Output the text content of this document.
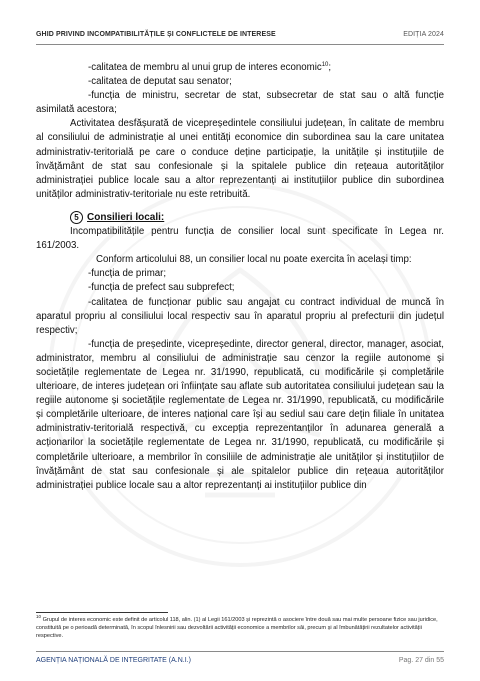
GHID PRIVIND INCOMPATIBILITĂȚILE ȘI CONFLICTELE DE INTERESE	EDIȚIA 2024

-calitatea de membru al unui grup de interes economic$^{10}$;

-calitatea de deputat sau senator;

-funcția de ministru, secretar de stat, subsecretar de stat sau o altă funcție asimilată acestora;

Activitatea desfășurată de vicepreședintele consiliului județean, în calitate de membru al consiliului de administrație al unei entități economice din subordinea sau la care unitatea administrativ-teritorială pe care o conduce deține participație, la unitățile și instituțiile de învățământ de stat sau confesionale și la spitalele publice din rețeaua autorităților administrației publice locale sau a altor reprezentanți ai instituțiilor publice din subordinea unităților administrativ-teritoriale nu este retribuită.

5 Consilieri locali:

Incompatibilitățile pentru funcția de consilier local sunt specificate în Legea nr. 161/2003.

Conform articolului 88, un consilier local nu poate exercita în același timp:

-funcția de primar;

-funcția de prefect sau subprefect;

-calitatea de funcționar public sau angajat cu contract individual de muncă în aparatul propriu al consiliului local respectiv sau în aparatul propriu al prefecturii din județul respectiv;

-funcția de președinte, vicepreședinte, director general, director, manager, asociat, administrator, membru al consiliului de administrație sau cenzor la regiile autonome și societățile reglementate de Legea nr. 31/1990, republicată, cu modificările și completările ulterioare, de interes județean ori înființate sau aflate sub autoritatea consiliului județean sau la regiile autonome și societățile reglementate de Legea nr. 31/1990, republicată, cu modificările și completările ulterioare, de interes național care își au sediul sau care dețin filiale în unitatea administrativ-teritorială respectivă, cu excepția reprezentanților în adunarea generală a acționarilor la societățile reglementate de Legea nr. 31/1990, republicată, cu modificările și completările ulterioare, a membrilor în consiliile de administrație ale unităților și instituțiilor de învățământ de stat sau confesionale și ale spitalelor publice din rețeaua autorităților administrației publice locale sau a altor reprezentanți ai instituțiilor publice din

$^{10}$ Grupul de interes economic este definit de articolul 118, alin. (1) al Legii 161/2003 și reprezintă o asociere între două sau mai multe persoane fizice sau juridice, constituită pe o perioadă determinată, în scopul înlesnirii sau dezvoltării activității economice a membrilor săi, precum și al îmbunătățirii rezultatelor activității respective.
AGENȚIA NAȚIONALĂ DE INTEGRITATE (A.N.I.)	Pag. 27 din 55
